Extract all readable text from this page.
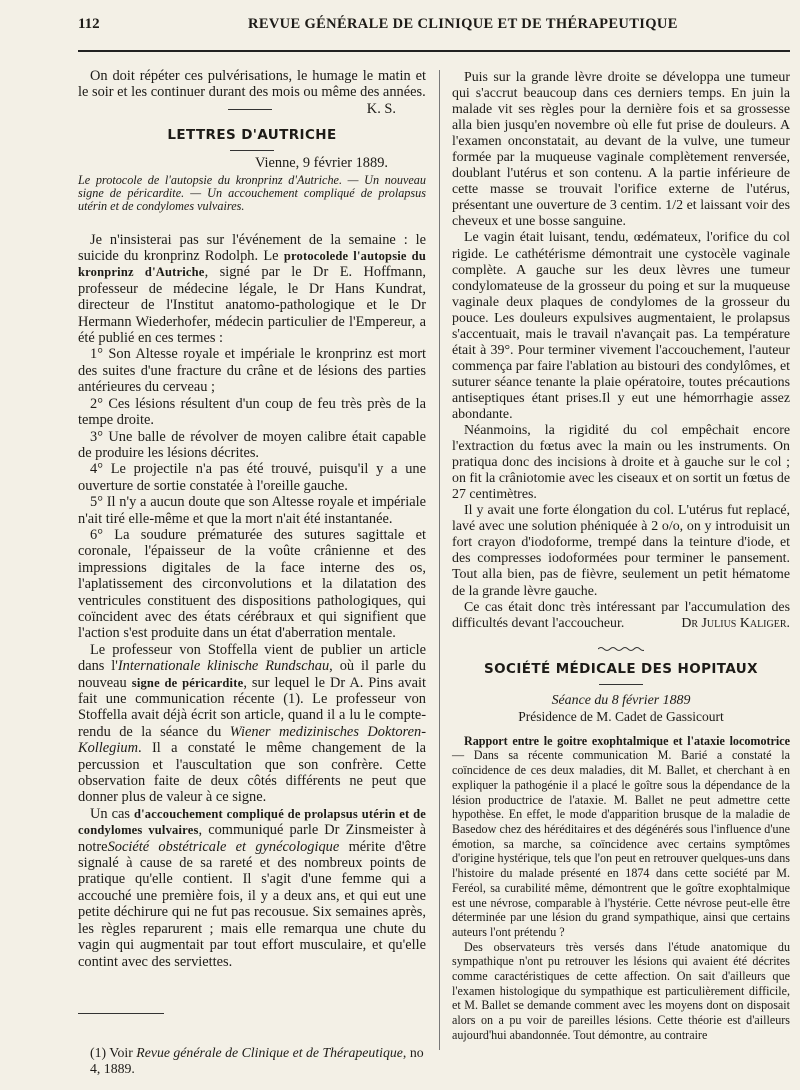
112	REVUE GÉNÉRALE DE CLINIQUE ET DE THÉRAPEUTIQUE

On doit répéter ces pulvérisations, le humage le matin et le soir et les continuer durant des mois ou même des années.
K. S.

LETTRES D'AUTRICHE

Vienne, 9 février 1889.

Le protocole de l'autopsie du kronprinz d'Autriche. — Un nouveau signe de péricardite. — Un accouchement compliqué de prolapsus utérin et de condylomes vulvaires.

Je n'insisterai pas sur l'événement de la semaine : le suicide du kronprinz Rodolph. Le protocolede l'autopsie du kronprinz d'Autriche, signé par le Dr E. Hoffmann, professeur de médecine légale, le Dr Hans Kundrat, directeur de l'Institut anatomo-pathologique et le Dr Hermann Wiederhofer, médecin particulier de l'Empereur, a été publié en ces termes :

1° Son Altesse royale et impériale le kronprinz est mort des suites d'une fracture du crâne et de lésions des parties antérieures du cerveau ;

2° Ces lésions résultent d'un coup de feu très près de la tempe droite.

3° Une balle de révolver de moyen calibre était capable de produire les lésions décrites.

4° Le projectile n'a pas été trouvé, puisqu'il y a une ouverture de sortie constatée à l'oreille gauche.

5° Il n'y a aucun doute que son Altesse royale et impériale n'ait tiré elle-même et que la mort n'ait été instantanée.

6° La soudure prématurée des sutures sagittale et coronale, l'épaisseur de la voûte crânienne et des impressions digitales de la face interne des os, l'aplatissement des circonvolutions et la dilatation des ventricules constituent des dispositions pathologiques, qui coïncident avec des états cérébraux et qui signifient que l'action s'est produite dans un état d'aberration mentale.

Le professeur von Stoffella vient de publier un article dans l'Internationale klinische Rundschau, où il parle du nouveau signe de péricardite, sur lequel le Dr A. Pins avait fait une communication récente (1). Le professeur von Stoffella avait déjà écrit son article, quand il a lu le compte-rendu de la séance du Wiener medizinisches Doktoren-Kollegium. Il a constaté le même changement de la percussion et l'auscultation que son confrère. Cette observation faite de deux côtés différents ne peut que donner plus de valeur à ce signe.

Un cas d'accouchement compliqué de prolapsus utérin et de condylomes vulvaires, communiqué parle Dr Zinsmeister à notreSociété obstétricale et gynécologique mérite d'être signalé à cause de sa rareté et des nombreux points de pratique qu'elle contient. Il s'agit d'une femme qui a accouché une première fois, il y a deux ans, et qui eut une petite déchirure qui ne fut pas recousue. Six semaines après, les règles reparurent ; mais elle remarqua une chute du vagin qui augmentait par tout effort musculaire, et qu'elle contint avec des serviettes.

(1) Voir Revue générale de Clinique et de Thérapeutique, no 4, 1889.

Puis sur la grande lèvre droite se développa une tumeur qui s'accrut beaucoup dans ces derniers temps. En juin la malade vit ses règles pour la dernière fois et sa grossesse alla bien jusqu'en novembre où elle fut prise de douleurs. A l'examen onconstatait, au devant de la vulve, une tumeur formée par la muqueuse vaginale complètement renversée, doublant l'utérus et son contenu. A la partie inférieure de cette masse se trouvait l'orifice externe de l'utérus, présentant une ouverture de 3 centim. 1/2 et laissant voir des cheveux et une bosse sanguine.

Le vagin était luisant, tendu, œdémateux, l'orifice du col rigide. Le cathétérisme démontrait une cystocèle vaginale complète. A gauche sur les deux lèvres une tumeur condylomateuse de la grosseur du poing et sur la muqueuse vaginale deux plaques de condylomes de la grosseur du pouce. Les douleurs expulsives augmentaient, le prolapsus s'accentuait, mais le travail n'avançait pas. La température était à 39°. Pour terminer vivement l'accouchement, l'auteur commença par faire l'ablation au bistouri des condylômes, et suturer séance tenante la plaie opératoire, toutes précautions antiseptiques étant prises.Il y eut une hémorrhagie assez abondante.

Néanmoins, la rigidité du col empêchait encore l'extraction du fœtus avec la main ou les instruments. On pratiqua donc des incisions à droite et à gauche sur le col ; on fit la crâniotomie avec les ciseaux et on sortit un fœtus de 27 centimètres.

Il y avait une forte élongation du col. L'utérus fut replacé, lavé avec une solution phéniquée à 2 o/o, on y introduisit un fort crayon d'iodoforme, trempé dans la teinture d'iode, et des compresses iodoformées pour terminer le pansement. Tout alla bien, pas de fièvre, seulement un petit hématome de la grande lèvre gauche.

Ce cas était donc très intéressant par l'accumulation des difficultés devant l'accoucheur.	Dr Julius Kaliger.

SOCIÉTÉ MÉDICALE DES HOPITAUX

Séance du 8 février 1889

Présidence de M. Cadet de Gassicourt

Rapport entre le goitre exophtalmique et l'ataxie locomotrice — Dans sa récente communication M. Barié a constaté la coïncidence de ces deux maladies, dit M. Ballet, et cherchant à en expliquer la pathogénie il a placé le goître sous la dépendance de la lésion productrice de l'ataxie. M. Ballet ne peut admettre cette hypothèse. En effet, le mode d'apparition brusque de la maladie de Basedow chez des héréditaires et des dégénérés sous l'influence d'une émotion, sa marche, sa coïncidence avec certains symptômes d'origine hystérique, tels que l'on peut en retrouver quelques-uns dans l'histoire du malade présenté en 1874 dans cette société par M. Feréol, sa curabilité même, démontrent que le goître exophtalmique est une névrose, comparable à l'hystérie. Cette névrose peut-elle être déterminée par une lésion du grand sympathique, ainsi que certains auteurs l'ont prétendu ?

Des observateurs très versés dans l'étude anatomique du sympathique n'ont pu retrouver les lésions qui avaient été décrites comme caractéristiques de cette affection. On sait d'ailleurs que l'examen histologique du sympathique est particulièrement difficile, et M. Ballet se demande comment avec les moyens dont on disposait alors on a pu voir de pareilles lésions. Cette théorie est d'ailleurs aujourd'hui abandonnée. Tout démontre, au contraire
